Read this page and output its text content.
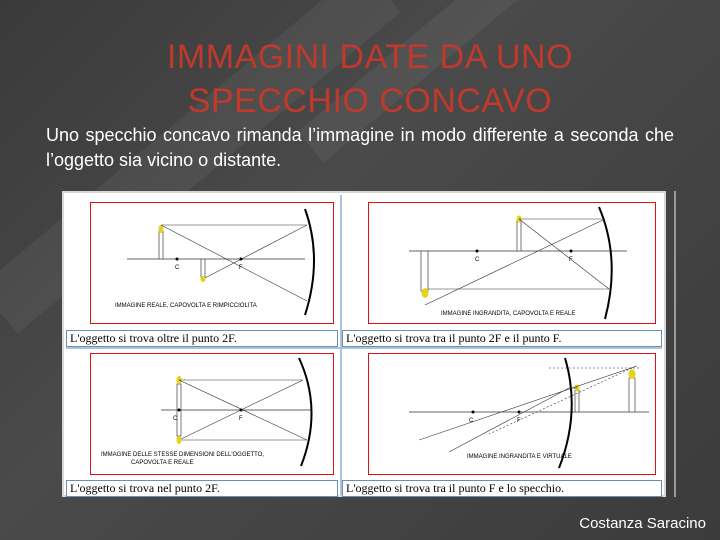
IMMAGINI DATE DA UNO SPECCHIO CONCAVO
Uno specchio concavo rimanda l’immagine in modo differente a seconda che l’oggetto sia vicino o distante.
C	F
IMMAGINE REALE, CAPOVOLTA E RIMPICCIOLITA
L'oggetto si trova oltre il punto 2F.
C	F
IMMAGINE INGRANDITA, CAPOVOLTA E REALE
L'oggetto si trova tra il punto 2F e il punto F.
C	F
IMMAGINE DELLE STESSE DIMENSIONI DELL'OGGETTO,
CAPOVOLTA E REALE
L'oggetto si trova nel punto 2F.
C	F
IMMAGINE INGRANDITA E VIRTUALE
L'oggetto si trova tra il punto F e lo specchio.
Costanza Saracino
